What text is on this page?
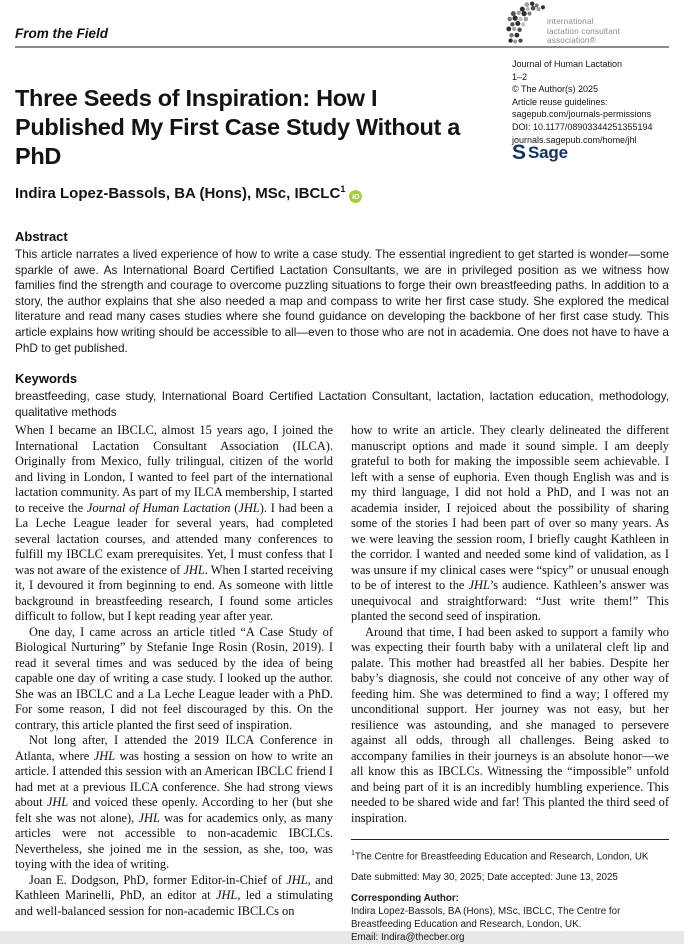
From the Field
international
lactation consultant
association®
Journal of Human Lactation
1–2
© The Author(s) 2025
Article reuse guidelines:
sagepub.com/journals-permissions
DOI: 10.1177/08903344251355194
journals.sagepub.com/home/jhl
S Sage
Three Seeds of Inspiration: How I Published My First Case Study Without a PhD
Indira Lopez-Bassols, BA (Hons), MSc, IBCLC$^1$iD
Abstract
This article narrates a lived experience of how to write a case study. The essential ingredient to get started is wonder—some sparkle of awe. As International Board Certified Lactation Consultants, we are in privileged position as we witness how families find the strength and courage to overcome puzzling situations to forge their own breastfeeding paths. In addition to a story, the author explains that she also needed a map and compass to write her first case study. She explored the medical literature and read many cases studies where she found guidance on developing the backbone of her first case study. This article explains how writing should be accessible to all—even to those who are not in academia. One does not have to have a PhD to get published.
Keywords
breastfeeding, case study, International Board Certified Lactation Consultant, lactation, lactation education, methodology, qualitative methods

When I became an IBCLC, almost 15 years ago, I joined the International Lactation Consultant Association (ILCA). Originally from Mexico, fully trilingual, citizen of the world and living in London, I wanted to feel part of the international lactation community. As part of my ILCA membership, I started to receive the Journal of Human Lactation (JHL). I had been a La Leche League leader for several years, had completed several lactation courses, and attended many conferences to fulfill my IBCLC exam prerequisites. Yet, I must confess that I was not aware of the existence of JHL. When I started receiving it, I devoured it from beginning to end. As someone with little background in breastfeeding research, I found some articles difficult to follow, but I kept reading year after year.

One day, I came across an article titled “A Case Study of Biological Nurturing” by Stefanie Inge Rosin (Rosin, 2019). I read it several times and was seduced by the idea of being capable one day of writing a case study. I looked up the author. She was an IBCLC and a La Leche League leader with a PhD. For some reason, I did not feel discouraged by this. On the contrary, this article planted the first seed of inspiration.

Not long after, I attended the 2019 ILCA Conference in Atlanta, where JHL was hosting a session on how to write an article. I attended this session with an American IBCLC friend I had met at a previous ILCA conference. She had strong views about JHL and voiced these openly. According to her (but she felt she was not alone), JHL was for academics only, as many articles were not accessible to non-academic IBCLCs. Nevertheless, she joined me in the session, as she, too, was toying with the idea of writing.

Joan E. Dodgson, PhD, former Editor-in-Chief of JHL, and Kathleen Marinelli, PhD, an editor at JHL, led a stimulating and well-balanced session for non-academic IBCLCs on

how to write an article. They clearly delineated the different manuscript options and made it sound simple. I am deeply grateful to both for making the impossible seem achievable. I left with a sense of euphoria. Even though English was and is my third language, I did not hold a PhD, and I was not an academia insider, I rejoiced about the possibility of sharing some of the stories I had been part of over so many years. As we were leaving the session room, I briefly caught Kathleen in the corridor. I wanted and needed some kind of validation, as I was unsure if my clinical cases were “spicy” or unusual enough to be of interest to the JHL’s audience. Kathleen’s answer was unequivocal and straightforward: “Just write them!” This planted the second seed of inspiration.

Around that time, I had been asked to support a family who was expecting their fourth baby with a unilateral cleft lip and palate. This mother had breastfed all her babies. Despite her baby’s diagnosis, she could not conceive of any other way of feeding him. She was determined to find a way; I offered my unconditional support. Her journey was not easy, but her resilience was astounding, and she managed to persevere against all odds, through all challenges. Being asked to accompany families in their journeys is an absolute honor—we all know this as IBCLCs. Witnessing the “impossible” unfold and being part of it is an incredibly humbling experience. This needed to be shared wide and far! This planted the third seed of inspiration.

$^1$The Centre for Breastfeeding Education and Research, London, UK
Date submitted: May 30, 2025; Date accepted: June 13, 2025
Corresponding Author:
Indira Lopez-Bassols, BA (Hons), MSc, IBCLC, The Centre for Breastfeeding Education and Research, London, UK.
Email: Indira@thecber.org
